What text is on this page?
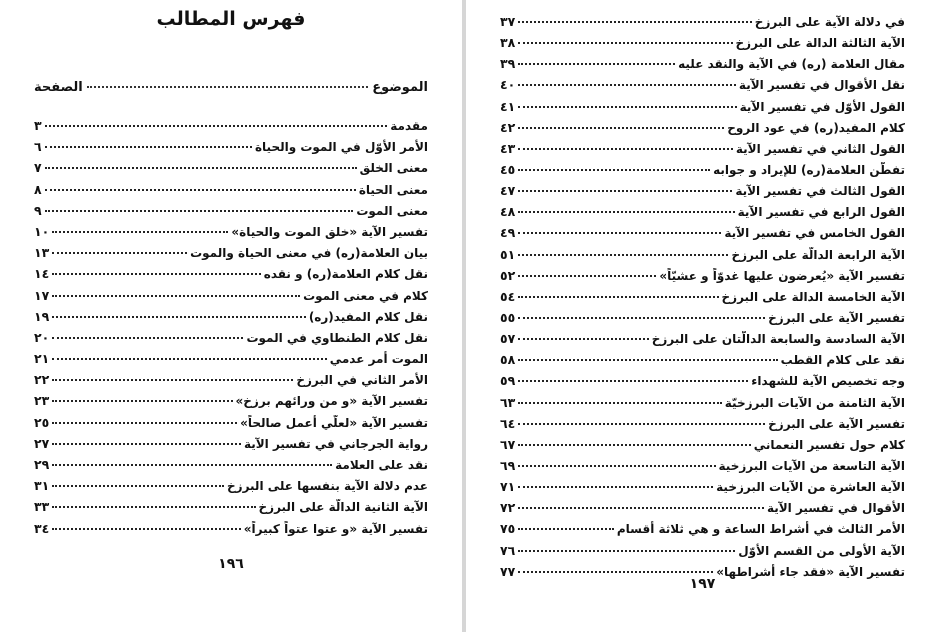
فهرس المطالب
الموضوع
الصفحة
مقدمة
٣
الأمر الأوّل في الموت والحياة
٦
معنى الخلق
٧
معنى الحياة
٨
معنى الموت
٩
تفسير الآية «خلق الموت والحياة»
١٠
بيان العلامة(ره) في معنى الحياة والموت
١٣
نقل كلام العلامة(ره) و نقده
١٤
كلام في معنى الموت
١٧
نقل كلام المفيد(ره)
١٩
نقل كلام الطنطاوي في الموت
٢٠
الموت أمر عدمي
٢١
الأمر الثاني في البرزخ
٢٢
تفسير الآية «و من ورائهم برزخ»
٢٣
تفسير الآية «لعلّي أعمل صالحاً»
٢٥
رواية الجرجاني في تفسير الآية
٢٧
نقد على العلامة
٢٩
عدم دلالة الآية بنفسها على البرزخ
٣١
الآية الثانية الدالّة على البرزخ
٣٣
تفسير الآية «و عتوا عتواً كبيراً»
٣٤
١٩٦
في دلالة الآية على البرزخ
٣٧
الآية الثالثة الدالة على البرزخ
٣٨
مقال العلامة (ره) في الآية والنقد عليه
٣٩
نقل الأقوال في تفسير الآية
٤٠
القول الأوّل في تفسير الآية
٤١
كلام المفيد(ره) في عود الروح
٤٢
القول الثاني في تفسير الآية
٤٣
تفطّن العلامة(ره) للإيراد و جوابه
٤٥
القول الثالث في تفسير الآية
٤٧
القول الرابع في تفسير الآية
٤٨
القول الخامس في تفسير الآية
٤٩
الآية الرابعة الدالّة على البرزخ
٥١
تفسير الآية «يُعرضون عليها غدوّاً و عشيّاً»
٥٢
الآية الخامسة الدالة على البرزخ
٥٤
تفسير الآية على البرزخ
٥٥
الآية السادسة والسابعة الدالّتان على البرزخ
٥٧
نقد على كلام القطب
٥٨
وجه تخصيص الآية للشهداء
٥٩
الآية الثامنة من الآيات البرزخيّة
٦٣
تفسير الآية على البرزخ
٦٤
كلام حول تفسير النعماني
٦٧
الآية التاسعة من الآيات البرزخية
٦٩
الآية العاشرة من الآيات البرزخية
٧١
الأقوال في تفسير الآية
٧٢
الأمر الثالث في أشراط الساعة و هي ثلاثة أقسام
٧٥
الآية الأولى من القسم الأوّل
٧٦
تفسير الآية «فقد جاء أشراطها»
٧٧
١٩٧
